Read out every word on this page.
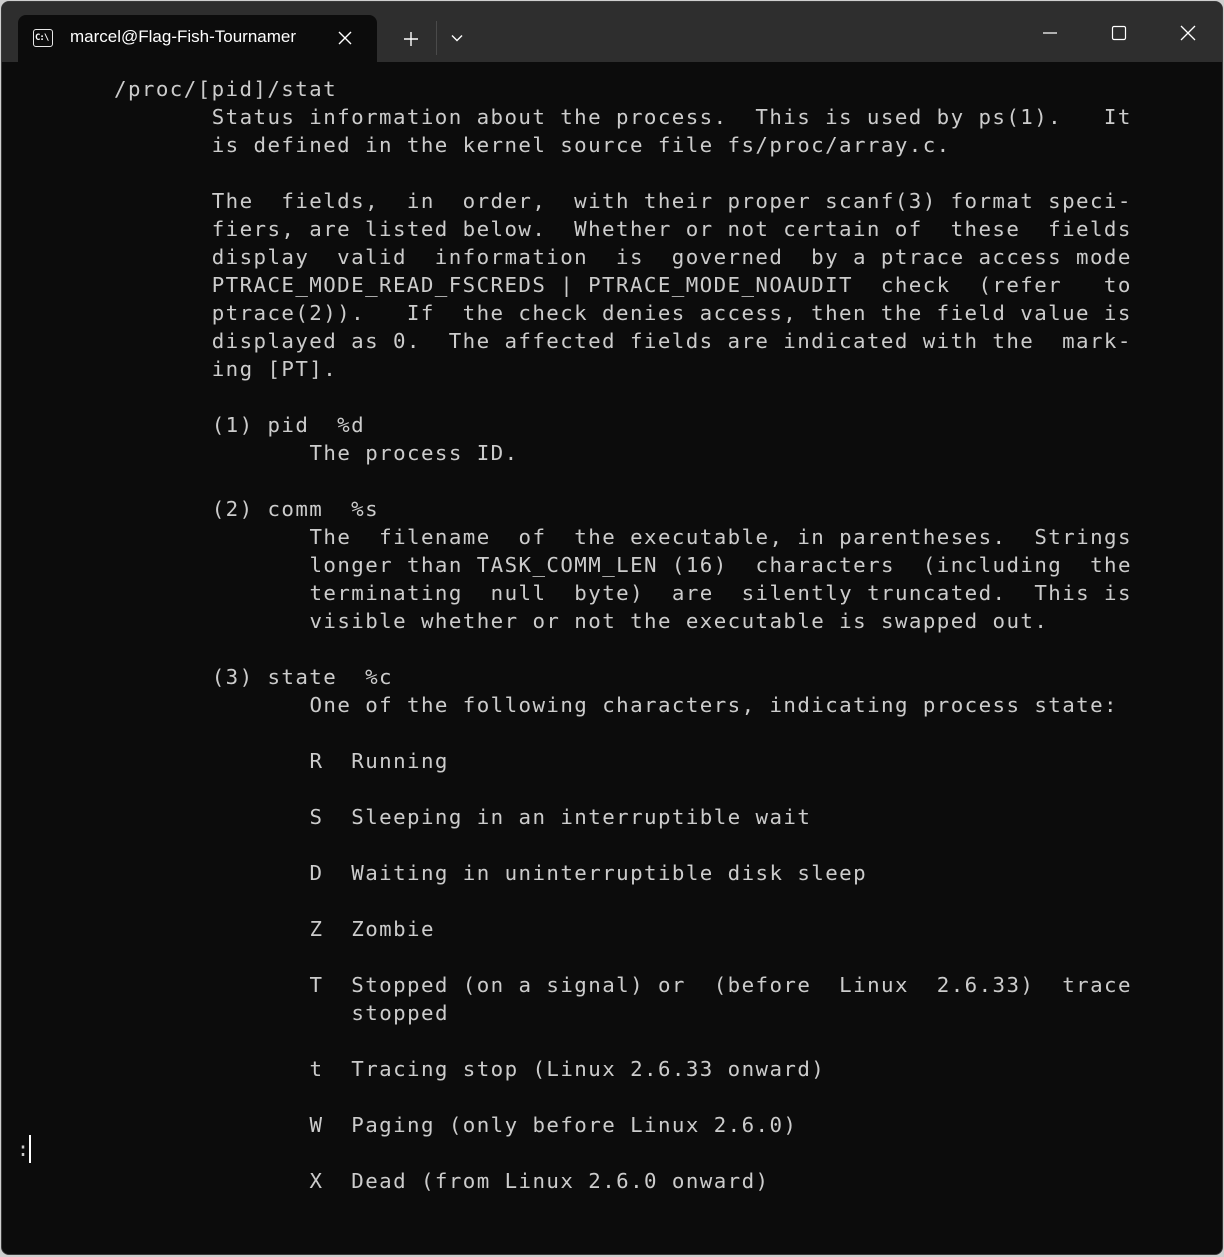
C:\ marcel@Flag-Fish-Tournamer
/proc/[pid]/stat
Status information about the process.  This is used by ps(1).   It
is defined in the kernel source file fs/proc/array.c.
The  fields,  in  order,  with their proper scanf(3) format speci-
fiers, are listed below.  Whether or not certain of  these  fields
display  valid  information  is  governed  by a ptrace access mode
PTRACE_MODE_READ_FSCREDS | PTRACE_MODE_NOAUDIT  check  (refer   to
ptrace(2)).   If  the check denies access, then the field value is
displayed as 0.  The affected fields are indicated with the  mark-
ing [PT].
(1) pid  %d
The process ID.
(2) comm  %s
The  filename  of  the executable, in parentheses.  Strings
longer than TASK_COMM_LEN (16)  characters  (including  the
terminating  null  byte)  are  silently truncated.  This is
visible whether or not the executable is swapped out.
(3) state  %c
One of the following characters, indicating process state:
R  Running
S  Sleeping in an interruptible wait
D  Waiting in uninterruptible disk sleep
Z  Zombie
T  Stopped (on a signal) or  (before  Linux  2.6.33)  trace
stopped
t  Tracing stop (Linux 2.6.33 onward)
W  Paging (only before Linux 2.6.0)
X  Dead (from Linux 2.6.0 onward)
:
